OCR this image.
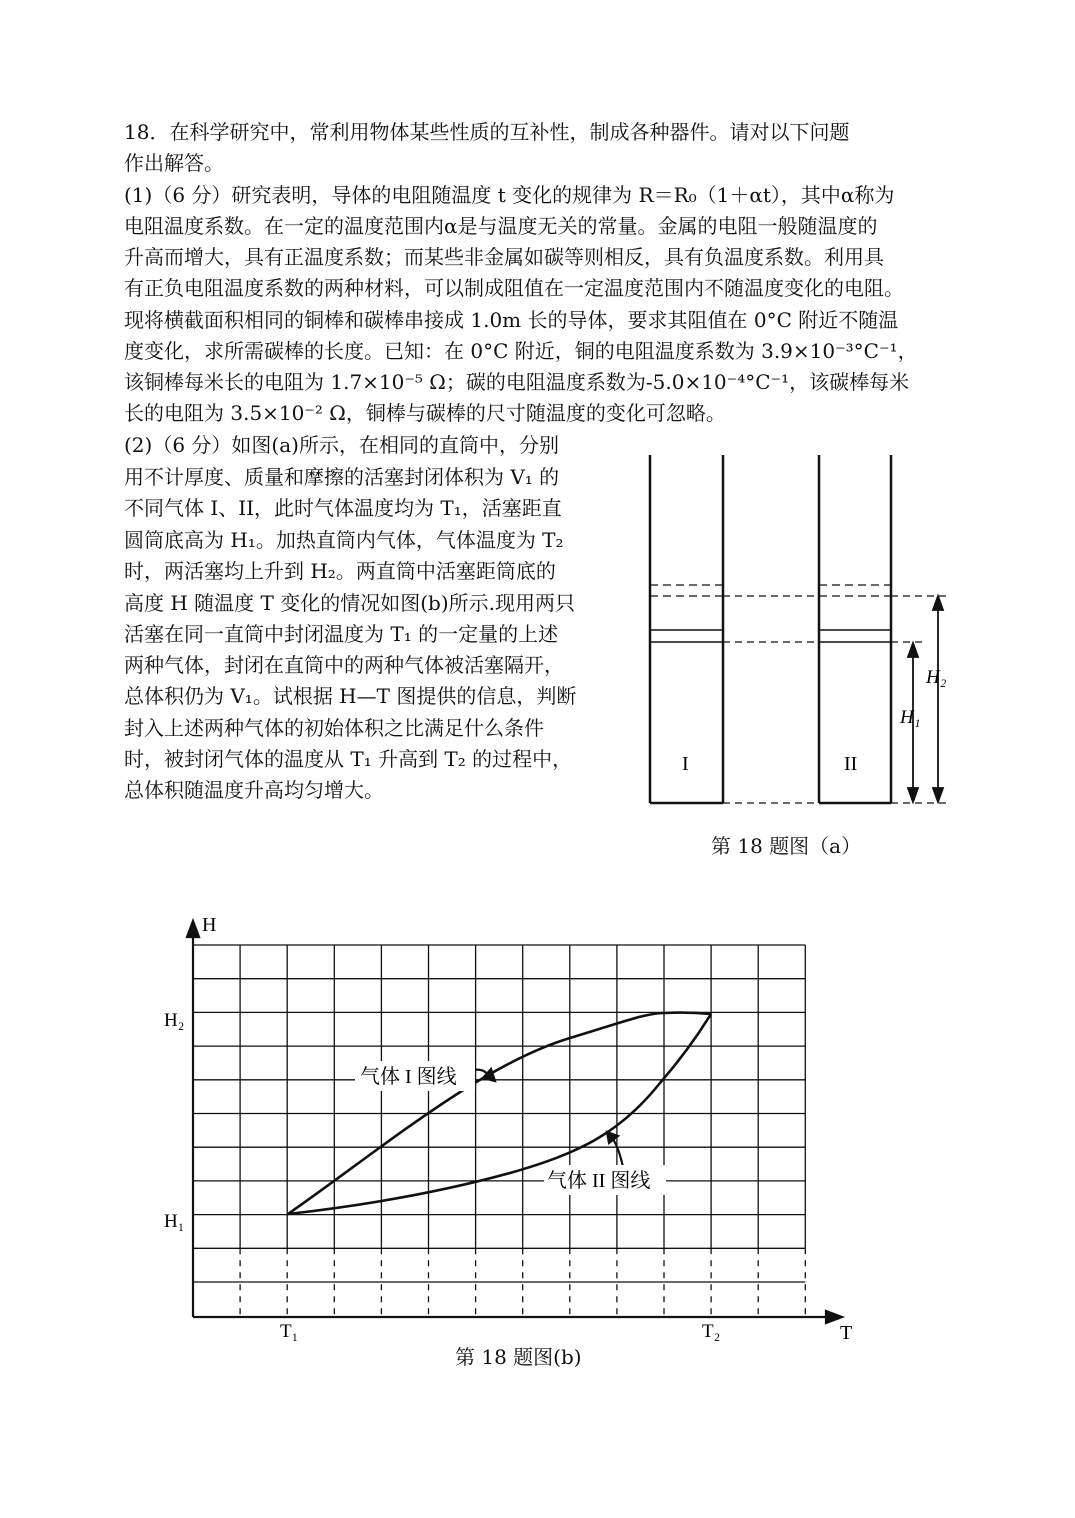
18．在科学研究中，常利用物体某些性质的互补性，制成各种器件。请对以下问题
作出解答。
(1)（6 分）研究表明，导体的电阻随温度 t 变化的规律为 R＝R₀（1＋αt），其中α称为
电阻温度系数。在一定的温度范围内α是与温度无关的常量。金属的电阻一般随温度的
升高而增大，具有正温度系数；而某些非金属如碳等则相反，具有负温度系数。利用具
有正负电阻温度系数的两种材料，可以制成阻值在一定温度范围内不随温度变化的电阻。
现将横截面积相同的铜棒和碳棒串接成 1.0m 长的导体，要求其阻值在 0°C 附近不随温
度变化，求所需碳棒的长度。已知：在 0°C 附近，铜的电阻温度系数为 3.9×10⁻³°C⁻¹，
该铜棒每米长的电阻为 1.7×10⁻⁵ Ω；碳的电阻温度系数为-5.0×10⁻⁴°C⁻¹，该碳棒每米
长的电阻为 3.5×10⁻² Ω，铜棒与碳棒的尺寸随温度的变化可忽略。
(2)（6 分）如图(a)所示，在相同的直筒中，分别
用不计厚度、质量和摩擦的活塞封闭体积为 V₁ 的
不同气体 I、II，此时气体温度均为 T₁，活塞距直
圆筒底高为 H₁。加热直筒内气体，气体温度为 T₂
时，两活塞均上升到 H₂。两直筒中活塞距筒底的
高度 H 随温度 T 变化的情况如图(b)所示.现用两只
活塞在同一直筒中封闭温度为 T₁ 的一定量的上述
两种气体，封闭在直筒中的两种气体被活塞隔开，
总体积仍为 V₁。试根据 H—T 图提供的信息，判断
封入上述两种气体的初始体积之比满足什么条件
时，被封闭气体的温度从 T₁ 升高到 T₂ 的过程中，
总体积随温度升高均匀增大。
I	II
H₁
H₂
第 18 题图（a）
气体 I 图线
气体 II 图线
H
T
H₂
H₁
T₁	T₂
第 18 题图(b)
